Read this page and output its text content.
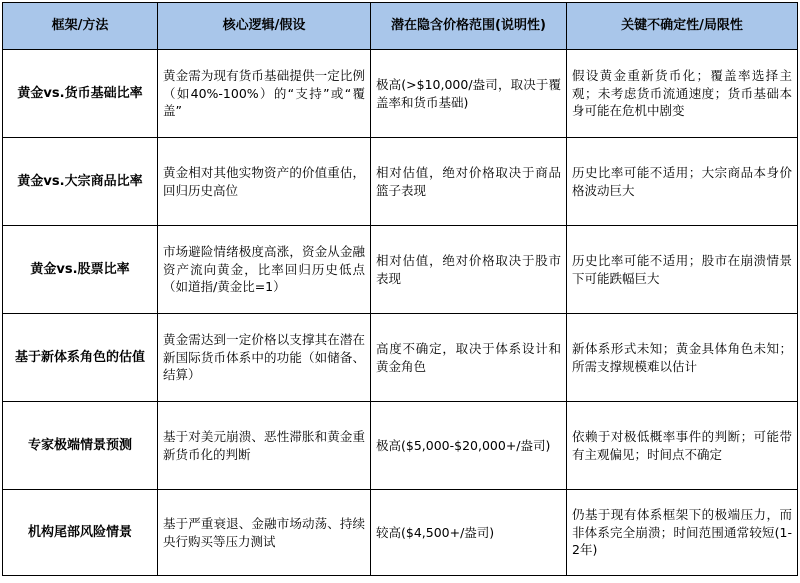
框架/方法	核心逻辑/假设	潜在隐含价格范围(说明性)	关键不确定性/局限性
黄金vs.货币基础比率	黄金需为现有货币基础提供一定比例（如40%-100%）的“支持”或“覆盖”	极高(>$10,000/盎司，取决于覆盖率和货币基础)	假设黄金重新货币化；覆盖率选择主观；未考虑货币流通速度；货币基础本身可能在危机中剧变
黄金vs.大宗商品比率	黄金相对其他实物资产的价值重估，回归历史高位	相对估值，绝对价格取决于商品篮子表现	历史比率可能不适用；大宗商品本身价格波动巨大
黄金vs.股票比率	市场避险情绪极度高涨，资金从金融资产流向黄金，比率回归历史低点（如道指/黄金比=1）	相对估值，绝对价格取决于股市表现	历史比率可能不适用；股市在崩溃情景下可能跌幅巨大
基于新体系角色的估值	黄金需达到一定价格以支撑其在潜在新国际货币体系中的功能（如储备、结算）	高度不确定，取决于体系设计和黄金角色	新体系形式未知；黄金具体角色未知；所需支撑规模难以估计
专家极端情景预测	基于对美元崩溃、恶性滞胀和黄金重新货币化的判断	极高($5,000-$20,000+/盎司)	依赖于对极低概率事件的判断；可能带有主观偏见；时间点不确定
机构尾部风险情景	基于严重衰退、金融市场动荡、持续央行购买等压力测试	较高($4,500+/盎司)	仍基于现有体系框架下的极端压力，而非体系完全崩溃；时间范围通常较短(1-2年)
